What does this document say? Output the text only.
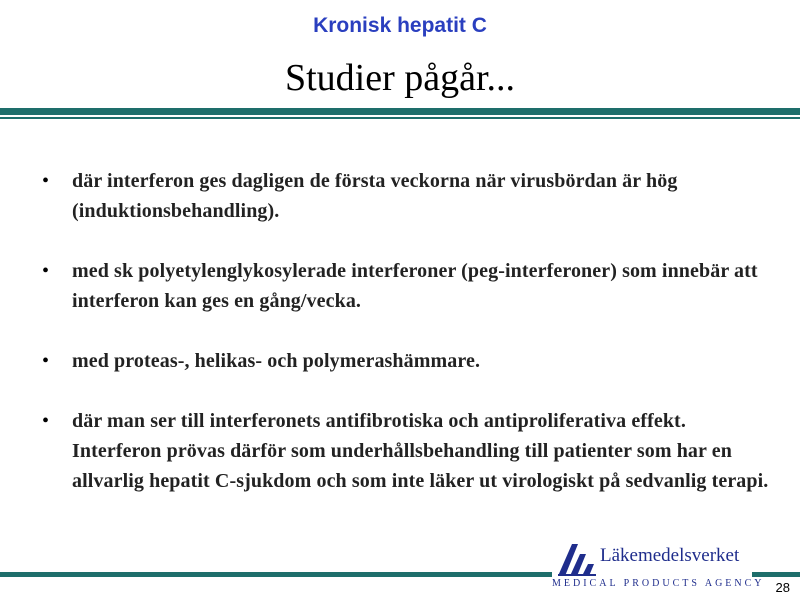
Kronisk hepatit C
Studier pågår...
• där interferon ges dagligen de första veckorna när virusbördan är hög (induktionsbehandling).
• med sk polyetylenglykosylerade interferoner (peg-interferoner) som innebär att interferon kan ges en gång/vecka.
• med proteas-, helikas- och polymerashämmare.
• där man ser till interferonets antifibrotiska och antiproliferativa effekt. Interferon prövas därför som underhållsbehandling till patienter som har en allvarlig hepatit C-sjukdom och som inte läker ut virologiskt på sedvanlig terapi.
Läkemedelsverket
MEDICAL PRODUCTS AGENCY 28
